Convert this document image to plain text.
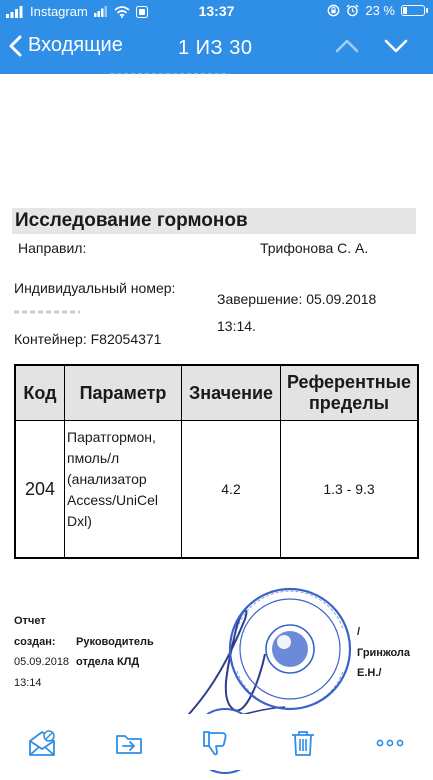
Instagram	13:37	23 %
Входящие	1 ИЗ 30
Исследование гормонов
Направил:	Трифонова С. А.
Индивидуальный номер:
Завершение: 05.09.2018
13:14.
Контейнер: F82054371
Код	Параметр	Значение	Референтные пределы
204	Паратгормон,
пмоль/л
(анализатор
Access/UniCel
Dxl)	4.2	1.3 - 9.3
Отчет
создан:
05.09.2018
13:14
Руководитель
отдела КЛД
/
Гринжола
Е.Н./
